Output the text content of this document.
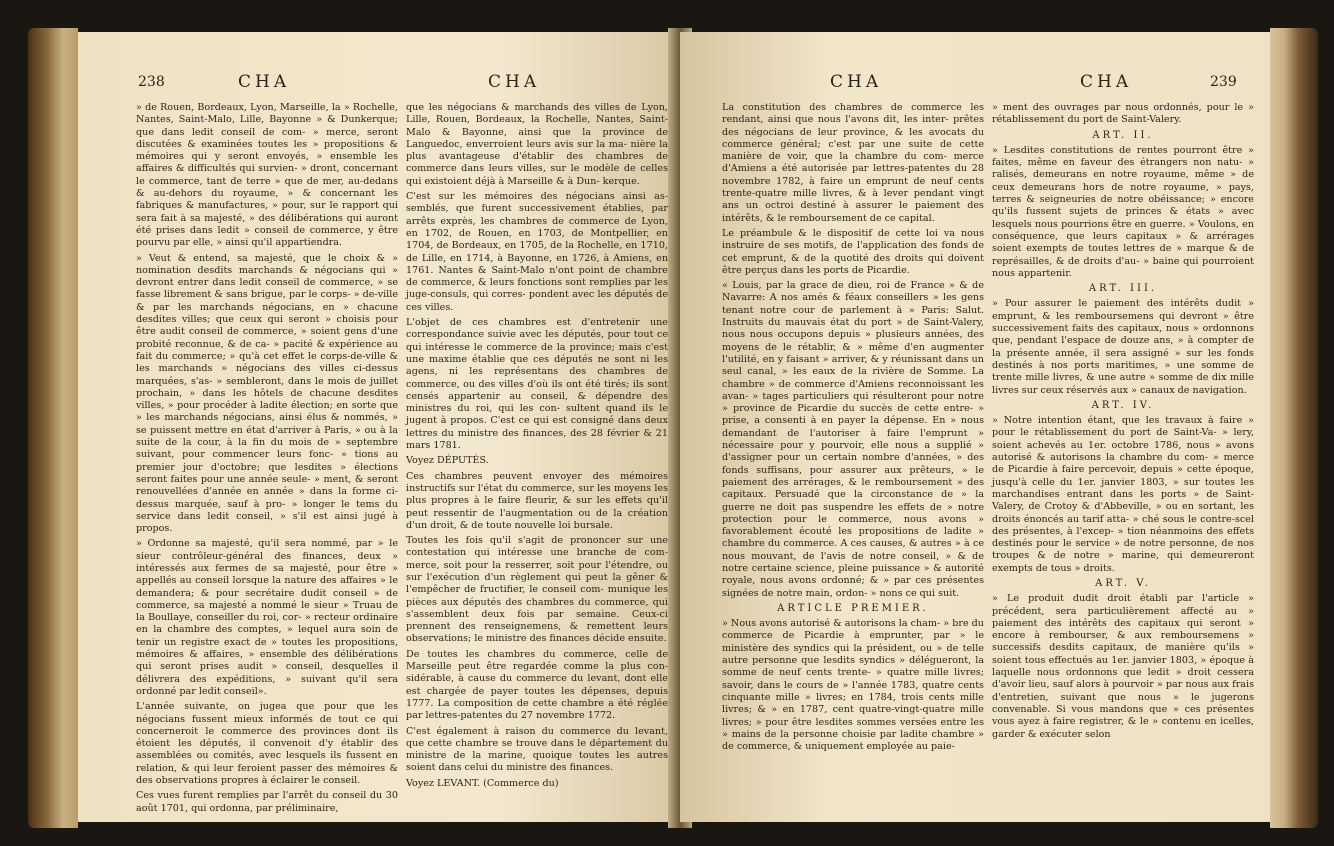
238	CHA	CHA

» de Rouen, Bordeaux, Lyon, Marseille, la » Rochelle, Nantes, Saint-Malo, Lille, Bayonne » & Dunkerque; que dans ledit conseil de com- » merce, seront discutées & examinées toutes les » propositions & mémoires qui y seront envoyés, » ensemble les affaires & difficultés qui survien- » dront, concernant le commerce, tant de terre » que de mer, au-dedans & au-dehors du royaume, » & concernant les fabriques & manufactures, » pour, sur le rapport qui sera fait à sa majesté, » des délibérations qui auront été prises dans ledit » conseil de commerce, y être pourvu par elle, » ainsi qu'il appartiendra.

» Veut & entend, sa majesté, que le choix & » nomination desdits marchands & négocians qui » devront entrer dans ledit conseil de commerce, » se fasse librement & sans brigue, par le corps- » de-ville & par les marchands négocians, en » chacune desdites villes; que ceux qui seront » choisis pour être audit conseil de commerce, » soient gens d'une probité reconnue, & de ca- » pacité & expérience au fait du commerce; » qu'à cet effet le corps-de-ville & les marchands » négocians des villes ci-dessus marquées, s'as- » sembleront, dans le mois de juillet prochain, » dans les hôtels de chacune desdites villes, » pour procéder à ladite élection; en sorte que » les marchands négocians, ainsi élus & nommés, » se puissent mettre en état d'arriver à Paris, » ou à la suite de la cour, à la fin du mois de » septembre suivant, pour commencer leurs fonc- » tions au premier jour d'octobre; que lesdites » élections seront faites pour une année seule- » ment, & seront renouvellées d'année en année » dans la forme ci-dessus marquée, sauf à pro- » longer le tems du service dans ledit conseil, » s'il est ainsi jugé à propos.

» Ordonne sa majesté, qu'il sera nommé, par » le sieur contrôleur-général des finances, deux » intéressés aux fermes de sa majesté, pour être » appellés au conseil lorsque la nature des affaires » le demandera; & pour secrétaire dudit conseil » de commerce, sa majesté a nommé le sieur » Truau de la Boullaye, conseiller du roi, cor- » recteur ordinaire en la chambre des comptes, » lequel aura soin de tenir un registre exact de » toutes les propositions, mémoires & affaires, » ensemble des délibérations qui seront prises audit » conseil, desquelles il délivrera des expéditions, » suivant qu'il sera ordonné par ledit conseil».

L'année suivante, on jugea que pour que les négocians fussent mieux informés de tout ce qui concerneroit le commerce des provinces dont ils étoient les députés, il convenoit d'y établir des assemblées ou comités, avec lesquels ils fussent en relation, & qui leur feroient passer des mémoires & des observations propres à éclairer le conseil.

Ces vues furent remplies par l'arrêt du conseil du 30 août 1701, qui ordonna, par préliminaire,

que les négocians & marchands des villes de Lyon, Lille, Rouen, Bordeaux, la Rochelle, Nantes, Saint-Malo & Bayonne, ainsi que la province de Languedoc, enverroient leurs avis sur la ma- nière la plus avantageuse d'établir des chambres de commerce dans leurs villes, sur le modèle de celles qui existoient déjà à Marseille & à Dun- kerque.

C'est sur les mémoires des négocians ainsi as- semblés, que furent successivement établies, par arrêts exprès, les chambres de commerce de Lyon, en 1702, de Rouen, en 1703, de Montpellier, en 1704, de Bordeaux, en 1705, de la Rochelle, en 1710, de Lille, en 1714, à Bayonne, en 1726, à Amiens, en 1761. Nantes & Saint-Malo n'ont point de chambre de commerce, & leurs fonctions sont remplies par les juge-consuls, qui corres- pondent avec les députés de ces villes.

L'objet de ces chambres est d'entretenir une correspondance suivie avec les députés, pour tout ce qui intéresse le commerce de la province; mais c'est une maxime établie que ces députés ne sont ni les agens, ni les représentans des chambres de commerce, ou des villes d'où ils ont été tirés; ils sont censés appartenir au conseil, & dépendre des ministres du roi, qui les con- sultent quand ils le jugent à propos. C'est ce qui est consigné dans deux lettres du ministre des finances, des 28 février & 21 mars 1781.

Voyez DÉPUTÉS.

Ces chambres peuvent envoyer des mémoires instructifs sur l'état du commerce, sur les moyens les plus propres à le faire fleurir, & sur les effets qu'il peut ressentir de l'augmentation ou de la création d'un droit, & de toute nouvelle loi bursale.

Toutes les fois qu'il s'agit de prononcer sur une contestation qui intéresse une branche de com- merce, soit pour la resserrer, soit pour l'étendre, ou sur l'exécution d'un règlement qui peut la gêner & l'empêcher de fructifier, le conseil com- munique les pièces aux députés des chambres du commerce, qui s'assemblent deux fois par semaine. Ceux-ci prennent des renseignemens, & remettent leurs observations; le ministre des finances décide ensuite.

De toutes les chambres du commerce, celle de Marseille peut être regardée comme la plus con- sidérable, à cause du commerce du levant, dont elle est chargée de payer toutes les dépenses, depuis 1777. La composition de cette chambre a été réglée par lettres-patentes du 27 novembre 1772.

C'est également à raison du commerce du levant, que cette chambre se trouve dans le département du ministre de la marine, quoique toutes les autres soient dans celui du ministre des finances.

Voyez LEVANT. (Commerce du)

CHA	CHA	239

La constitution des chambres de commerce les rendant, ainsi que nous l'avons dit, les inter- prêtes des négocians de leur province, & les avocats du commerce général; c'est par une suite de cette manière de voir, que la chambre du com- merce d'Amiens a été autorisée par lettres-patentes du 28 novembre 1782, à faire un emprunt de neuf cents trente-quatre mille livres, & à lever pendant vingt ans un octroi destiné à assurer le paiement des intérêts, & le remboursement de ce capital.

Le préambule & le dispositif de cette loi va nous instruire de ses motifs, de l'application des fonds de cet emprunt, & de la quotité des droits qui doivent être perçus dans les ports de Picardie.

« Louis, par la grace de dieu, roi de France » & de Navarre: A nos amés & féaux conseillers » les gens tenant notre cour de parlement à » Paris: Salut. Instruits du mauvais état du port » de Saint-Valery, nous nous occupons depuis » plusieurs années, des moyens de le rétablir, & » même d'en augmenter l'utilité, en y faisant » arriver, & y réunissant dans un seul canal, » les eaux de la rivière de Somme. La chambre » de commerce d'Amiens reconnoissant les avan- » tages particuliers qui résulteront pour notre » province de Picardie du succès de cette entre- » prise, a consenti à en payer la dépense. En » nous demandant de l'autoriser à faire l'emprunt » nécessaire pour y pourvoir, elle nous a supplié » d'assigner pour un certain nombre d'années, » des fonds suffisans, pour assurer aux prêteurs, » le paiement des arrérages, & le remboursement » des capitaux. Persuadé que la circonstance de » la guerre ne doit pas suspendre les effets de » notre protection pour le commerce, nous avons » favorablement écouté les propositions de ladite » chambre du commerce. A ces causes, & autres » à ce nous mouvant, de l'avis de notre conseil, » & de notre certaine science, pleine puissance » & autorité royale, nous avons ordonné; & » par ces présentes signées de notre main, ordon- » nons ce qui suit.

ARTICLE PREMIER.

» Nous avons autorisé & autorisons la cham- » bre du commerce de Picardie à emprunter, par » le ministère des syndics qui la président, ou » de telle autre personne que lesdits syndics » délégueront, la somme de neuf cents trente- » quatre mille livres; savoir, dans le cours de » l'année 1783, quatre cents cinquante mille » livres; en 1784, trois cents mille livres; & » en 1787, cent quatre-vingt-quatre mille livres; » pour être lesdites sommes versées entre les » mains de la personne choisie par ladite chambre » de commerce, & uniquement employée au paie-

» ment des ouvrages par nous ordonnés, pour le » rétablissement du port de Saint-Valery.

ART. II.

» Lesdites constitutions de rentes pourront être » faites, même en faveur des étrangers non natu- » ralisés, demeurans en notre royaume, même » de ceux demeurans hors de notre royaume, » pays, terres & seigneuries de notre obéissance; » encore qu'ils fussent sujets de princes & états » avec lesquels nous pourrions être en guerre. » Voulons, en conséquence, que leurs capitaux » & arrérages soient exempts de toutes lettres de » marque & de représailles, & de droits d'au- » baine qui pourroient nous appartenir.

ART. III.

» Pour assurer le paiement des intérêts dudit » emprunt, & les remboursemens qui devront » être successivement faits des capitaux, nous » ordonnons que, pendant l'espace de douze ans, » à compter de la présente année, il sera assigné » sur les fonds destinés à nos ports maritimes, » une somme de trente mille livres, & une autre » somme de dix mille livres sur ceux réservés aux » canaux de navigation.

ART. IV.

» Notre intention étant, que les travaux à faire » pour le rétablissement du port de Saint-Va- » lery, soient achevés au 1er. octobre 1786, nous » avons autorisé & autorisons la chambre du com- » merce de Picardie à faire percevoir, depuis » cette époque, jusqu'à celle du 1er. janvier 1803, » sur toutes les marchandises entrant dans les ports » de Saint-Valery, de Crotoy & d'Abbeville, » ou en sortant, les droits énoncés au tarif atta- » ché sous le contre-scel des présentes, à l'excep- » tion néanmoins des effets destinés pour le service » de notre personne, de nos troupes & de notre » marine, qui demeureront exempts de tous » droits.

ART. V.

» Le produit dudit droit établi par l'article » précédent, sera particulièrement affecté au » paiement des intérêts des capitaux qui seront » encore à rembourser, & aux remboursemens » successifs desdits capitaux, de manière qu'ils » soient tous effectués au 1er. janvier 1803, » époque à laquelle nous ordonnons que ledit » droit cessera d'avoir lieu, sauf alors à pourvoir » par nous aux frais d'entretien, suivant que nous » le jugerons convenable. Si vous mandons que » ces présentes vous ayez à faire registrer, & le » contenu en icelles, garder & exécuter selon
